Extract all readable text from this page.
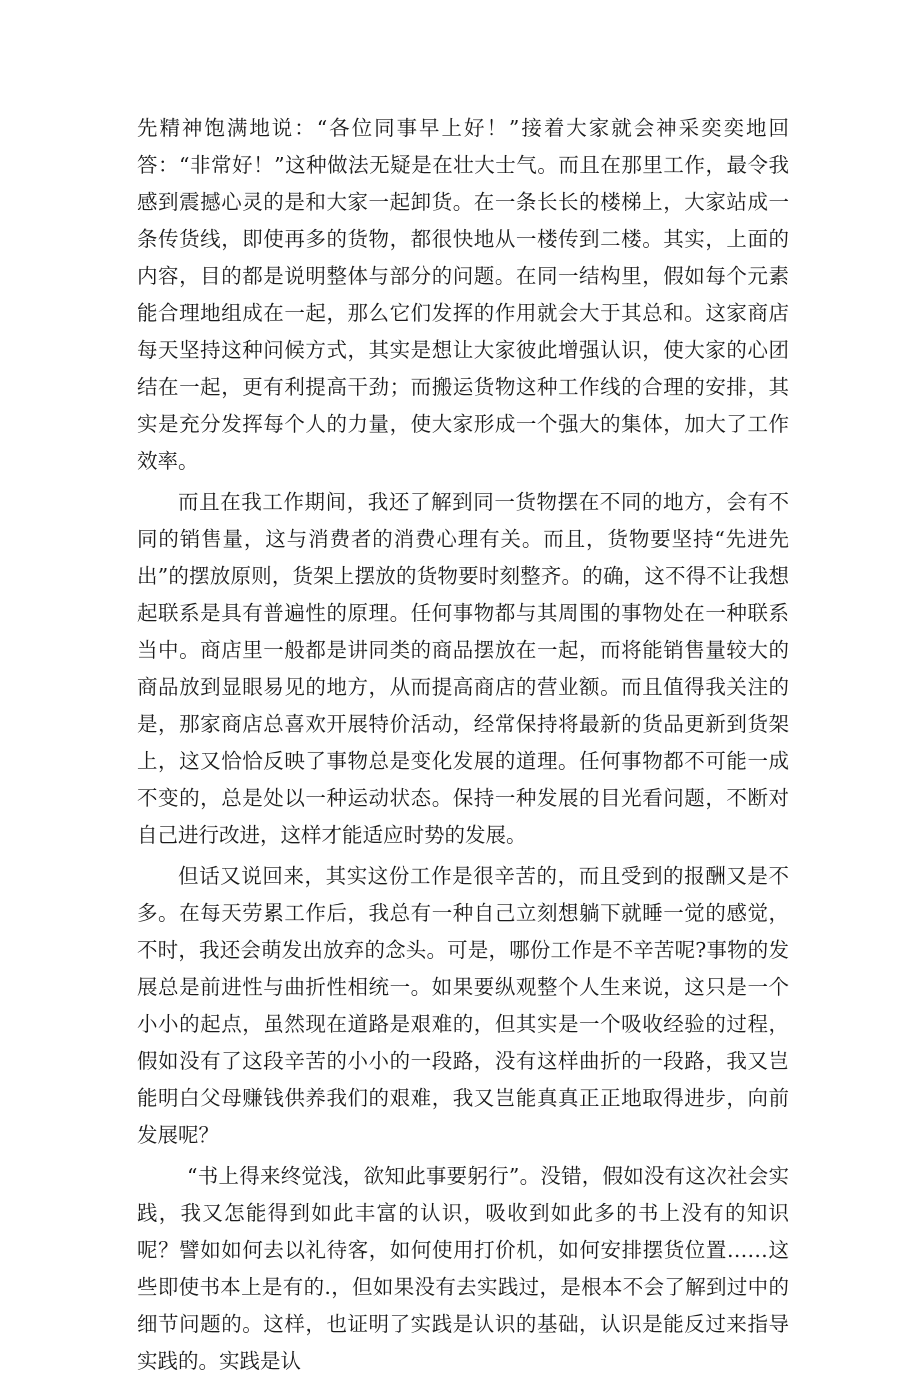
先精神饱满地说：“各位同事早上好！”接着大家就会神采奕奕地回答：“非常好！”这种做法无疑是在壮大士气。而且在那里工作，最令我感到震撼心灵的是和大家一起卸货。在一条长长的楼梯上，大家站成一条传货线，即使再多的货物，都很快地从一楼传到二楼。其实，上面的内容，目的都是说明整体与部分的问题。在同一结构里，假如每个元素能合理地组成在一起，那么它们发挥的作用就会大于其总和。这家商店每天坚持这种问候方式，其实是想让大家彼此增强认识，使大家的心团结在一起，更有利提高干劲；而搬运货物这种工作线的合理的安排，其实是充分发挥每个人的力量，使大家形成一个强大的集体，加大了工作效率。

而且在我工作期间，我还了解到同一货物摆在不同的地方，会有不同的销售量，这与消费者的消费心理有关。而且，货物要坚持“先进先出”的摆放原则，货架上摆放的货物要时刻整齐。的确，这不得不让我想起联系是具有普遍性的原理。任何事物都与其周围的事物处在一种联系当中。商店里一般都是讲同类的商品摆放在一起，而将能销售量较大的商品放到显眼易见的地方，从而提高商店的营业额。而且值得我关注的是，那家商店总喜欢开展特价活动，经常保持将最新的货品更新到货架上，这又恰恰反映了事物总是变化发展的道理。任何事物都不可能一成不变的，总是处以一种运动状态。保持一种发展的目光看问题，不断对自己进行改进，这样才能适应时势的发展。

但话又说回来，其实这份工作是很辛苦的，而且受到的报酬又是不多。在每天劳累工作后，我总有一种自己立刻想躺下就睡一觉的感觉，不时，我还会萌发出放弃的念头。可是，哪份工作是不辛苦呢?事物的发展总是前进性与曲折性相统一。如果要纵观整个人生来说，这只是一个小小的起点，虽然现在道路是艰难的，但其实是一个吸收经验的过程，假如没有了这段辛苦的小小的一段路，没有这样曲折的一段路，我又岂能明白父母赚钱供养我们的艰难，我又岂能真真正正地取得进步，向前发展呢？

“书上得来终觉浅，欲知此事要躬行”。没错，假如没有这次社会实践，我又怎能得到如此丰富的认识，吸收到如此多的书上没有的知识呢？譬如如何去以礼待客，如何使用打价机，如何安排摆货位置……这些即使书本上是有的.，但如果没有去实践过，是根本不会了解到过中的细节问题的。这样，也证明了实践是认识的基础，认识是能反过来指导实践的。实践是认
